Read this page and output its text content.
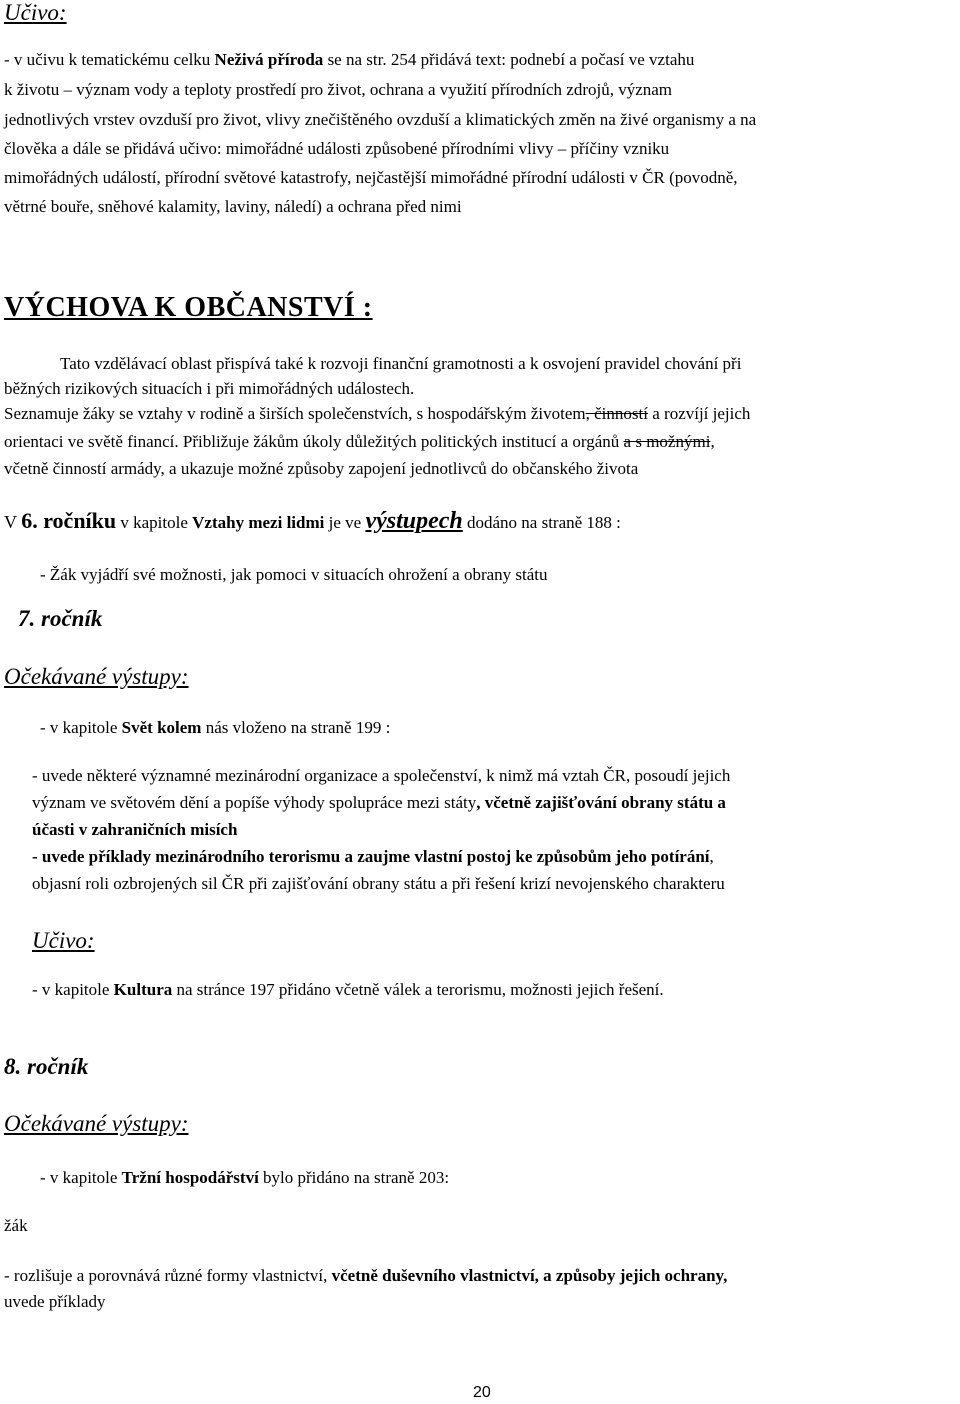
Učivo:
- v učivu k tematickému celku Neživá příroda se na str. 254 přidává text: podnebí a počasí ve vztahu
k životu – význam vody a teploty prostředí pro život, ochrana a využití přírodních zdrojů, význam
jednotlivých vrstev ovzduší pro život, vlivy znečištěného ovzduší a klimatických změn na živé organismy a na
člověka a dále se přidává učivo: mimořádné události způsobené přírodními vlivy – příčiny vzniku
mimořádných událostí, přírodní světové katastrofy, nejčastější mimořádné přírodní události v ČR (povodně,
větrné bouře, sněhové kalamity, laviny, náledí) a ochrana před nimi
VÝCHOVA K OBČANSTVÍ :
Tato vzdělávací oblast přispívá také k rozvoji finanční gramotnosti a k osvojení pravidel chování při
běžných rizikových situacích i při mimořádných událostech.
Seznamuje žáky se vztahy v rodině a širších společenstvích, s hospodářským životem, činností a rozvíjí jejich
orientaci ve světě financí. Přibližuje žákům úkoly důležitých politických institucí a orgánů a s možnými,
včetně činností armády, a ukazuje možné způsoby zapojení jednotlivců do občanského života
V 6. ročníku v kapitole Vztahy mezi lidmi je ve výstupech dodáno na straně 188 :
- Žák vyjádří své možnosti, jak pomoci v situacích ohrožení a obrany státu
7. ročník
Očekávané výstupy:
- v kapitole Svět kolem nás vloženo na straně 199 :
- uvede některé významné mezinárodní organizace a společenství, k nimž má vztah ČR, posoudí jejich
význam ve světovém dění a popíše výhody spolupráce mezi státy, včetně zajišťování obrany státu a
účasti v zahraničních misích
- uvede příklady mezinárodního terorismu a zaujme vlastní postoj ke způsobům jeho potírání,
objasní roli ozbrojených sil ČR při zajišťování obrany státu a při řešení krizí nevojenského charakteru
Učivo:
- v kapitole Kultura na stránce 197 přidáno včetně válek a terorismu, možnosti jejich řešení.
8. ročník
Očekávané výstupy:
- v kapitole Tržní hospodářství bylo přidáno na straně 203:
žák
- rozlišuje a porovnává různé formy vlastnictví, včetně duševního vlastnictví, a způsoby jejich ochrany,
uvede příklady
20
